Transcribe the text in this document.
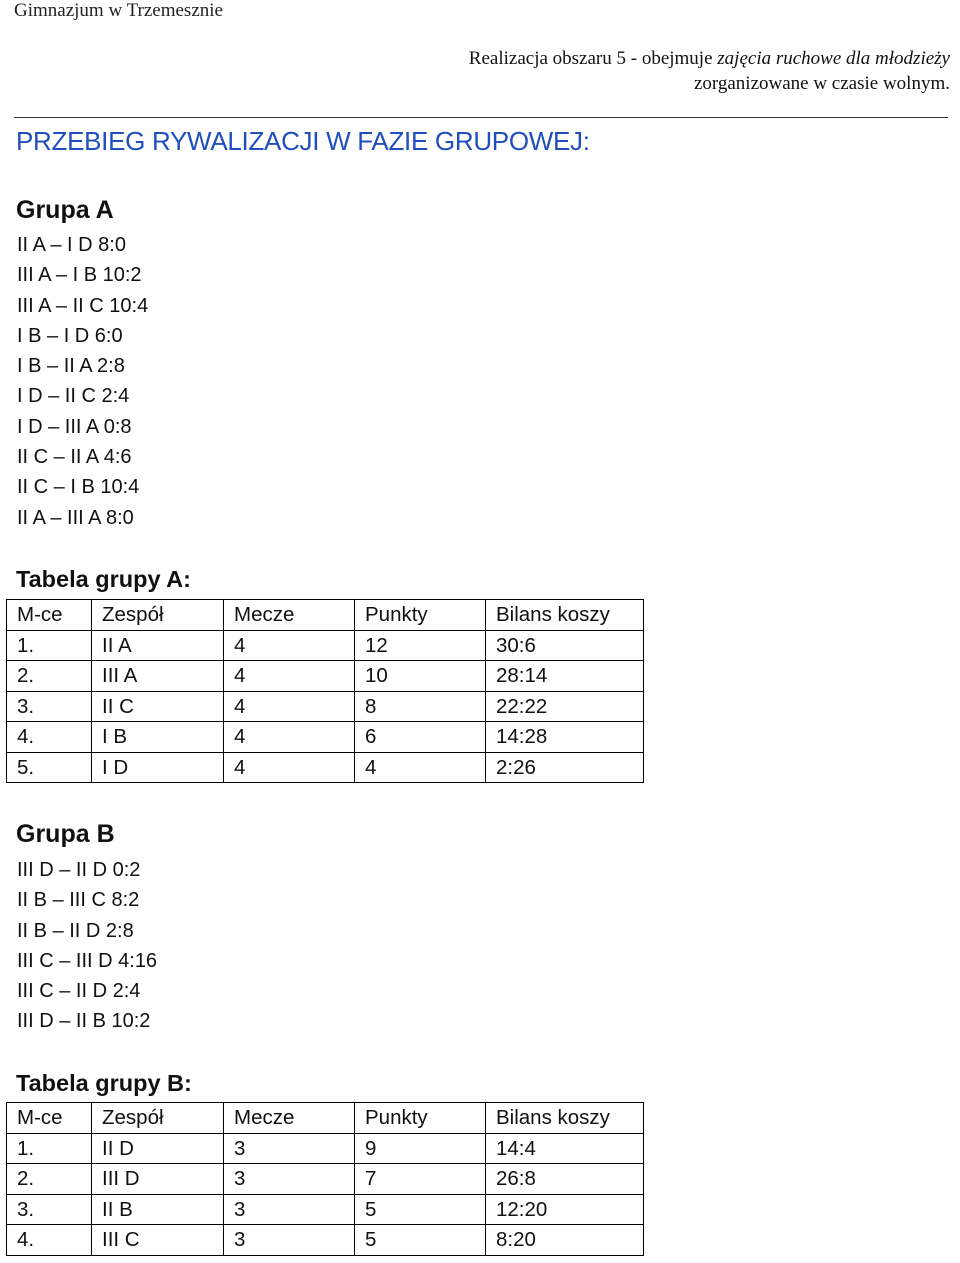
Gimnazjum w Trzemesznie
Realizacja obszaru 5 - obejmuje zajęcia ruchowe dla młodzieży
zorganizowane w czasie wolnym.
PRZEBIEG RYWALIZACJI W FAZIE GRUPOWEJ:
Grupa A
II A – I D 8:0
III A – I B 10:2
III A – II C 10:4
I B – I D 6:0
I B – II A 2:8
I D – II C 2:4
I D – III A 0:8
II C – II A 4:6
II C – I B 10:4
II A – III A 8:0
Tabela grupy A:
M-ce	Zespół	Mecze	Punkty	Bilans koszy
1.	II A	4	12	30:6
2.	III A	4	10	28:14
3.	II C	4	8	22:22
4.	I B	4	6	14:28
5.	I D	4	4	2:26
Grupa B
III D – II D 0:2
II B – III C 8:2
II B – II D 2:8
III C – III D 4:16
III C – II D 2:4
III D – II B 10:2
Tabela grupy B:
M-ce	Zespół	Mecze	Punkty	Bilans koszy
1.	II D	3	9	14:4
2.	III D	3	7	26:8
3.	II B	3	5	12:20
4.	III C	3	5	8:20
